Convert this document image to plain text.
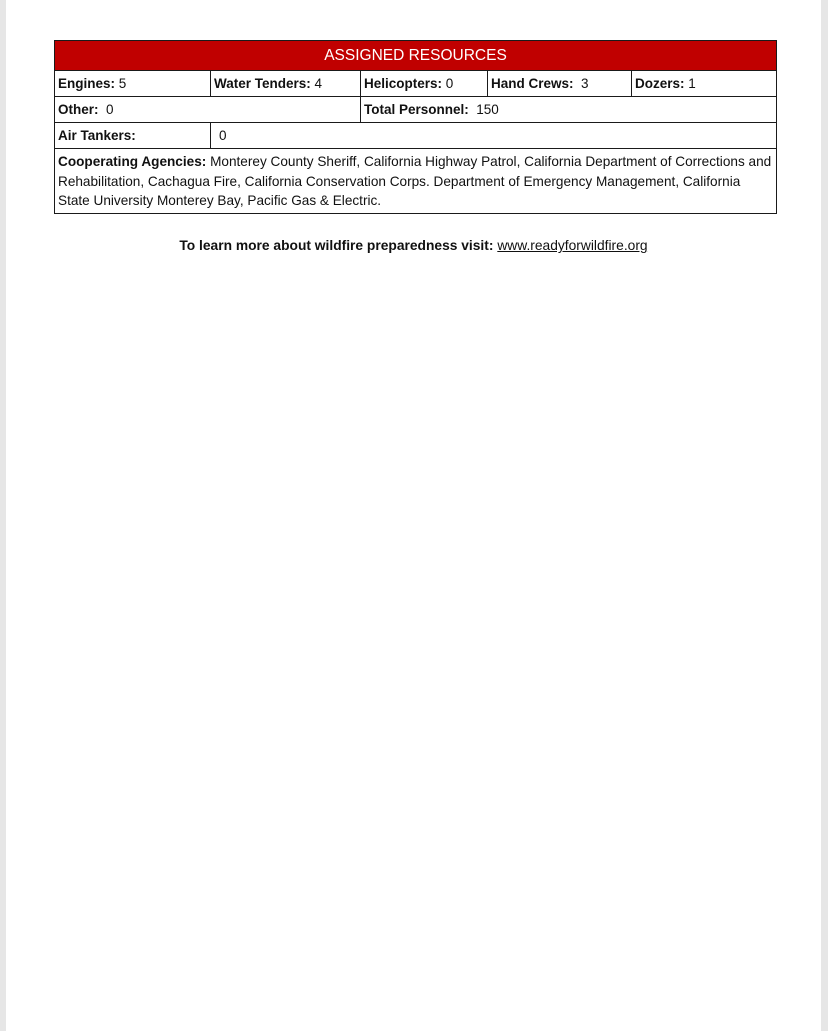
ASSIGNED RESOURCES				
Engines: 5	Water Tenders: 4	Helicopters: 0	Hand Crews: 3	Dozers: 1
Other: 0		Total Personnel: 150		
Air Tankers:	0			
Cooperating Agencies: Monterey County Sheriff, California Highway Patrol, California Department of Corrections and Rehabilitation, Cachagua Fire, California Conservation Corps. Department of Emergency Management, California State University Monterey Bay, Pacific Gas & Electric.				
To learn more about wildfire preparedness visit: www.readyforwildfire.org
